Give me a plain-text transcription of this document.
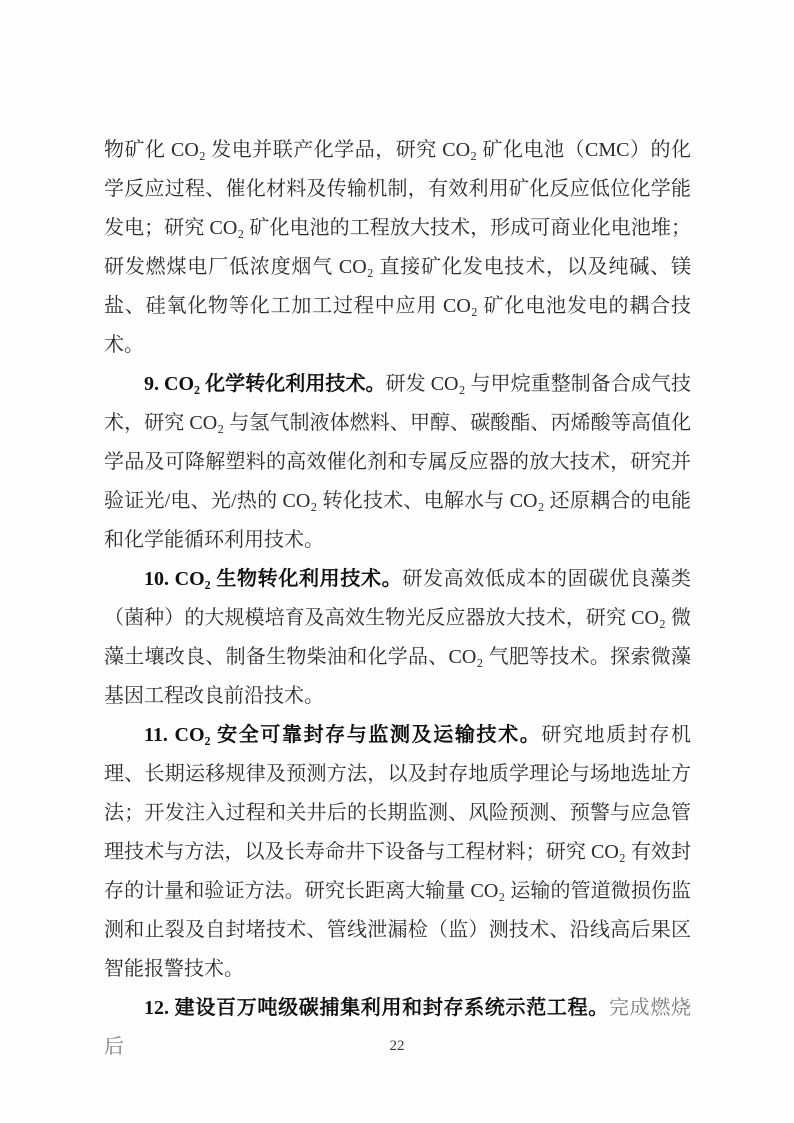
物矿化 CO₂ 发电并联产化学品，研究 CO₂ 矿化电池（CMC）的化学反应过程、催化材料及传输机制，有效利用矿化反应低位化学能发电；研究 CO₂ 矿化电池的工程放大技术，形成可商业化电池堆；研发燃煤电厂低浓度烟气 CO₂ 直接矿化发电技术，以及纯碱、镁盐、硅氧化物等化工加工过程中应用 CO₂ 矿化电池发电的耦合技术。

9. CO₂ 化学转化利用技术。研发 CO₂ 与甲烷重整制备合成气技术，研究 CO₂ 与氢气制液体燃料、甲醇、碳酸酯、丙烯酸等高值化学品及可降解塑料的高效催化剂和专属反应器的放大技术，研究并验证光/电、光/热的 CO₂ 转化技术、电解水与 CO₂ 还原耦合的电能和化学能循环利用技术。

10. CO₂ 生物转化利用技术。研发高效低成本的固碳优良藻类（菌种）的大规模培育及高效生物光反应器放大技术，研究 CO₂ 微藻土壤改良、制备生物柴油和化学品、CO₂ 气肥等技术。探索微藻基因工程改良前沿技术。

11. CO₂ 安全可靠封存与监测及运输技术。研究地质封存机理、长期运移规律及预测方法，以及封存地质学理论与场地选址方法；开发注入过程和关井后的长期监测、风险预测、预警与应急管理技术与方法，以及长寿命井下设备与工程材料；研究 CO₂ 有效封存的计量和验证方法。研究长距离大输量 CO₂ 运输的管道微损伤监测和止裂及自封堵技术、管线泄漏检（监）测技术、沿线高后果区智能报警技术。

12. 建设百万吨级碳捕集利用和封存系统示范工程。完成燃烧后	22
